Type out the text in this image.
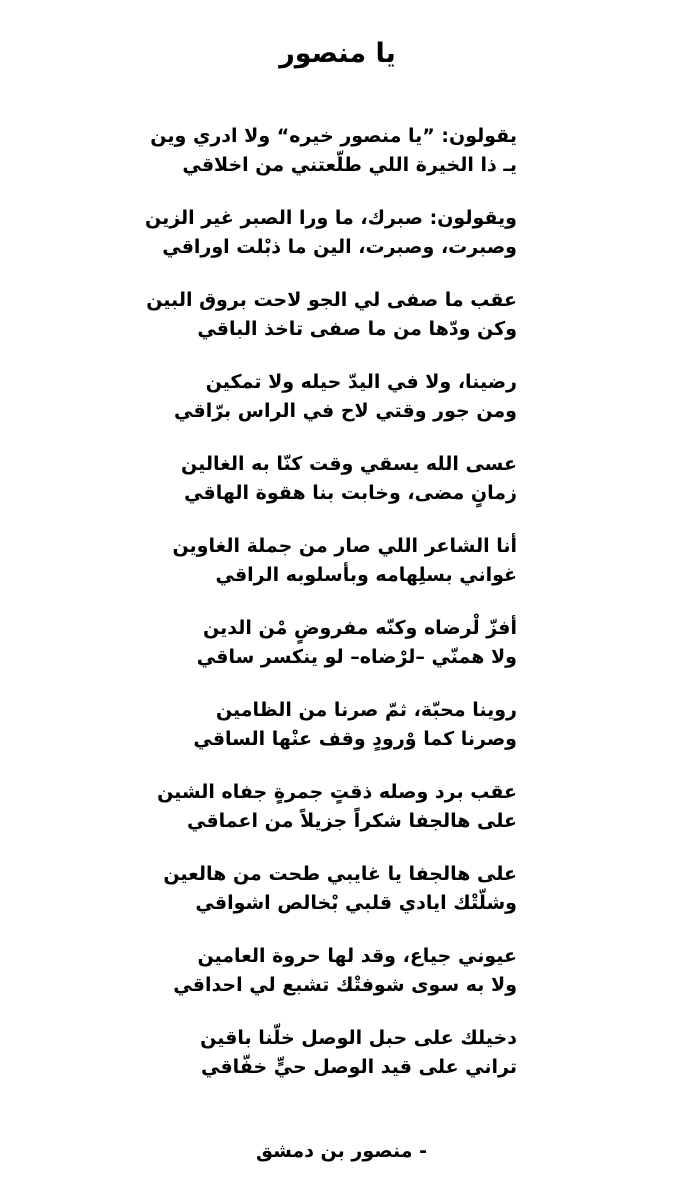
يا منصور
يقولون: ”يا منصور خيره“ ولا ادري وين
يـ ذا الخيرة اللي طلّعتني من اخلاقي
ويقولون: صبرك، ما ورا الصبر غير الزين
وصبرت، وصبرت، الين ما ذبْلت اوراقي
عقب ما صفى لي الجو لاحت بروق البين
وكن ودّها من ما صفى تاخذ الباقي
رضينا، ولا في اليدّ حيله ولا تمكين
ومن جور وقتي لاح في الراس برّاقي
عسى الله يسقي وقت كنّا به الغالين
زمانٍ مضى، وخابت بنا هقوة الهاقي
أنا الشاعر اللي صار من جملة الغاوين
غواني بسلِهامه وبأسلوبه الراقي
أفزّ لْرضاه وكنّه مفروضٍ مْن الدين
ولا همنّي –لرْضاه– لو ينكسر ساقي
روينا محبّة، ثمّ صرنا من الظامين
وصرنا كما وْرودٍ وقف عنْها الساقي
عقب برد وصله ذقتٍ جمرةٍ جفاه الشين
على هالجفا شكراً جزيلاً من اعماقي
على هالجفا يا غايبي طحت من هالعين
وشلّتْك ايادي قلبي بْخالص اشواقي
عيوني جياع، وقد لها حروة العامين
ولا به سوى شوفتْك تشبع لي احداقي
دخيلك على حبل الوصل خلّنا باقين
تراني على قيد الوصل حيٍّ خفّاقي
- منصور بن دمشق
